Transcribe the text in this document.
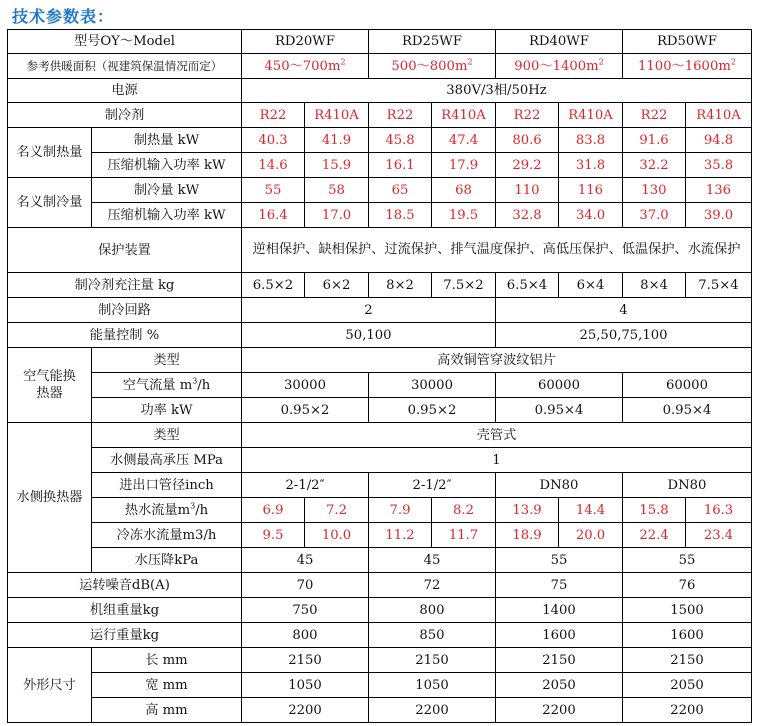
技术参数表：
型号OY～Model		RD20WF		RD25WF		RD40WF		RD50WF	
参考供暖面积（视建筑保温情况而定）		$450\sim 700m^2$		$500\sim 800m^2$		$900\sim 1400m^2$		$1100\sim 1600m^2$
电源		380V/3相/50Hz							
制冷剂		R22	R410A	R22	R410A	R22	R410A	R22	R410A
名义制热量	制热量 kW	40.3	41.9	45.8	47.4	80.6	83.8	91.6	94.8
	压缩机输入功率 kW	14.6	15.9	16.1	17.9	29.2	31.8	32.2	35.8
名义制冷量	制冷量 kW	55	58	65	68	110	116	130	136
	压缩机输入功率 kW	16.4	17.0	18.5	19.5	32.8	34.0	37.0	39.0
保护装置		逆相保护、缺相保护、过流保护、排气温度保护、高低压保护、低温保护、水流保护							
制冷剂充注量 kg		6.5×2	6×2	8×2	7.5×2	6.5×4	6×4	8×4	7.5×4
制冷回路		2				4			
能量控制 %		50,100				25,50,75,100			
空气能换热器	类型	高效铜管穿波纹铝片							
	空气流量 $m^3/h$	30000		30000		60000		60000	
	功率 kW	0.95×2		0.95×2		0.95×4		0.95×4	
水侧换热器	类型	壳管式							
	水侧最高承压 MPa	1							
	进出口管径inch	2-1/2″		2-1/2″		DN80		DN80	
	热水流量$m^3/h$	6.9	7.2	7.9	8.2	13.9	14.4	15.8	16.3
	冷冻水流量m3/h	9.5	10.0	11.2	11.7	18.9	20.0	22.4	23.4
	水压降kPa	45		45		55		55	
运转噪音dB(A)		70		72		75		76	
机组重量kg		750		800		1400		1500	
运行重量kg		800		850		1600		1600	
外形尺寸	长 mm	2150		2150		2150		2150	
	宽 mm	1050		1050		2050		2050	
	高 mm	2200		2200		2200		2200	
